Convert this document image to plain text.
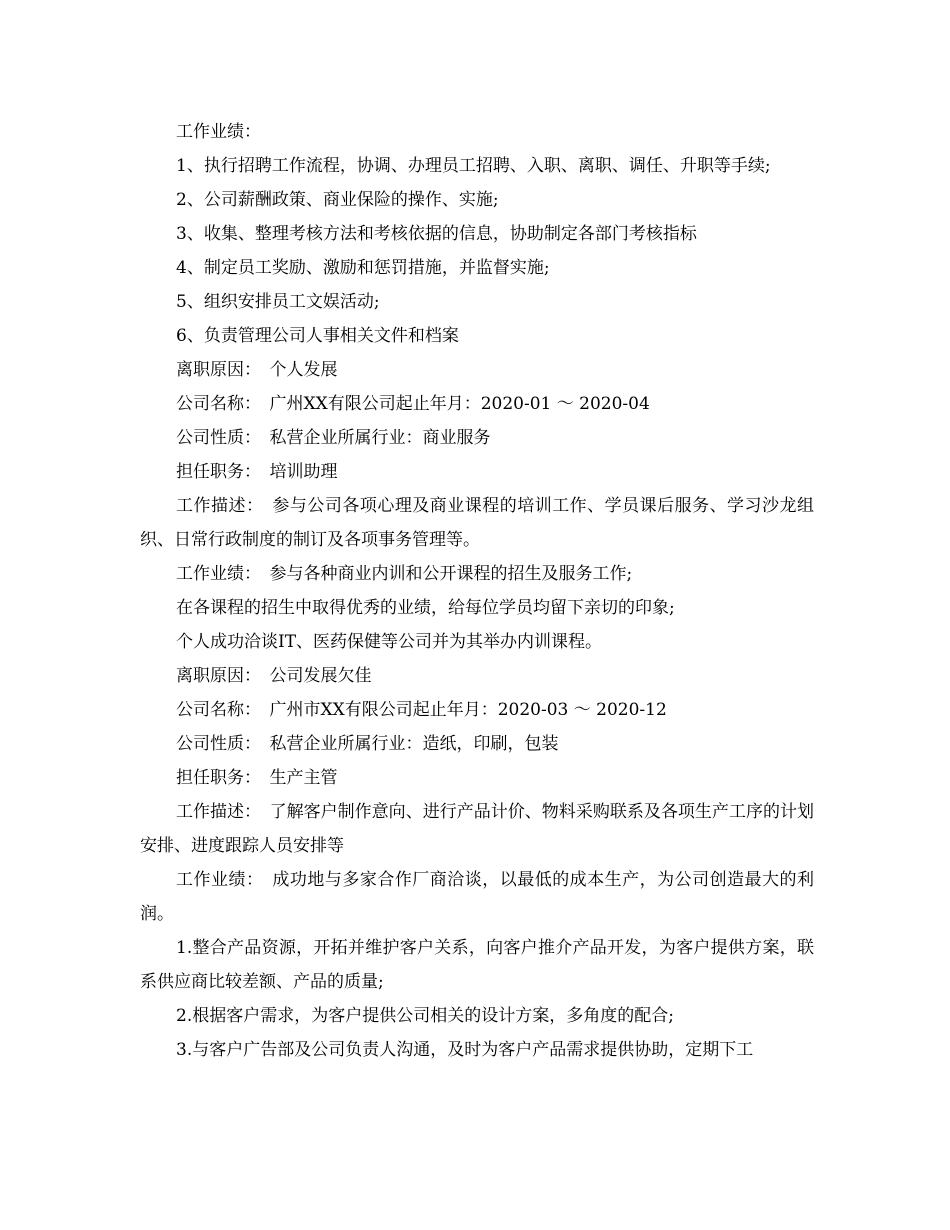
工作业绩：

1、执行招聘工作流程，协调、办理员工招聘、入职、离职、调任、升职等手续;

2、公司薪酬政策、商业保险的操作、实施;

3、收集、整理考核方法和考核依据的信息，协助制定各部门考核指标

4、制定员工奖励、激励和惩罚措施，并监督实施;

5、组织安排员工文娱活动;

6、负责管理公司人事相关文件和档案

离职原因：　个人发展

公司名称：　广州XX有限公司起止年月：2020-01 ～ 2020-04

公司性质：　私营企业所属行业：商业服务

担任职务：　培训助理

工作描述：　参与公司各项心理及商业课程的培训工作、学员课后服务、学习沙龙组织、日常行政制度的制订及各项事务管理等。

工作业绩：　参与各种商业内训和公开课程的招生及服务工作;

在各课程的招生中取得优秀的业绩，给每位学员均留下亲切的印象;

个人成功洽谈IT、医药保健等公司并为其举办内训课程。

离职原因：　公司发展欠佳

公司名称：　广州市XX有限公司起止年月：2020-03 ～ 2020-12

公司性质：　私营企业所属行业：造纸，印刷，包装

担任职务：　生产主管

工作描述：　了解客户制作意向、进行产品计价、物料采购联系及各项生产工序的计划安排、进度跟踪人员安排等

工作业绩：　成功地与多家合作厂商洽谈，以最低的成本生产，为公司创造最大的利润。

1.整合产品资源，开拓并维护客户关系，向客户推介产品开发，为客户提供方案，联系供应商比较差额、产品的质量;

2.根据客户需求，为客户提供公司相关的设计方案，多角度的配合;

3.与客户广告部及公司负责人沟通，及时为客户产品需求提供协助，定期下工
